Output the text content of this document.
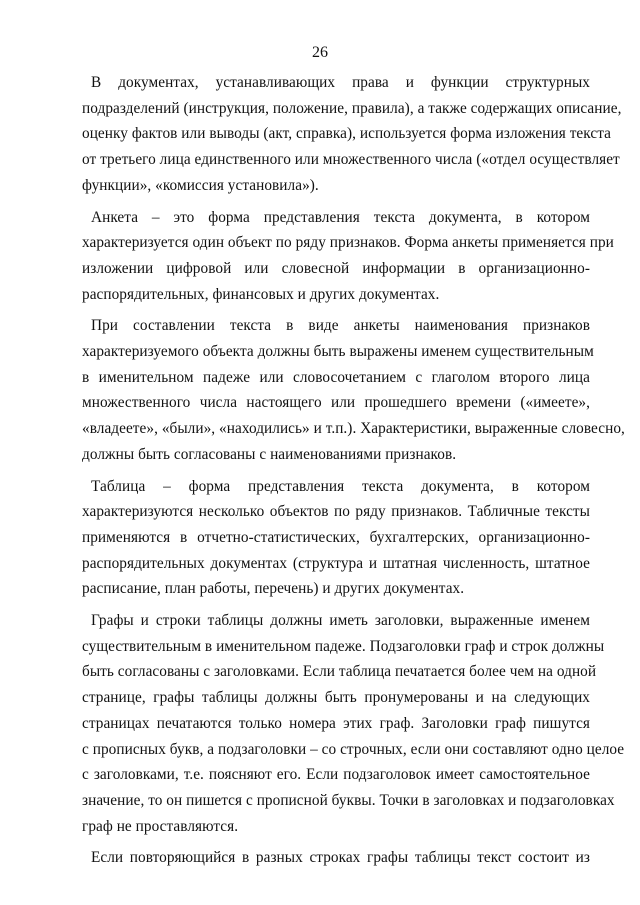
26

В документах, устанавливающих права и функции структурных
подразделений (инструкция, положение, правила), а также содержащих описание,
оценку фактов или выводы (акт, справка), используется форма изложения текста
от третьего лица единственного или множественного числа («отдел осуществляет
функции», «комиссия установила»).

Анкета – это форма представления текста документа, в котором
характеризуется один объект по ряду признаков. Форма анкеты применяется при
изложении цифровой или словесной информации в организационно-
распорядительных, финансовых и других документах.

При составлении текста в виде анкеты наименования признаков
характеризуемого объекта должны быть выражены именем существительным
в именительном падеже или словосочетанием с глаголом второго лица
множественного числа настоящего или прошедшего времени («имеете»,
«владеете», «были», «находились» и т.п.). Характеристики, выраженные словесно,
должны быть согласованы с наименованиями признаков.

Таблица – форма представления текста документа, в котором
характеризуются несколько объектов по ряду признаков. Табличные тексты
применяются в отчетно-статистических, бухгалтерских, организационно-
распорядительных документах (структура и штатная численность, штатное
расписание, план работы, перечень) и других документах.

Графы и строки таблицы должны иметь заголовки, выраженные именем
существительным в именительном падеже. Подзаголовки граф и строк должны
быть согласованы с заголовками. Если таблица печатается более чем на одной
странице, графы таблицы должны быть пронумерованы и на следующих
страницах печатаются только номера этих граф. Заголовки граф пишутся
с прописных букв, а подзаголовки – со строчных, если они составляют одно целое
с заголовками, т.е. поясняют его. Если подзаголовок имеет самостоятельное
значение, то он пишется с прописной буквы. Точки в заголовках и подзаголовках
граф не проставляются.

Если повторяющийся в разных строках графы таблицы текст состоит из
